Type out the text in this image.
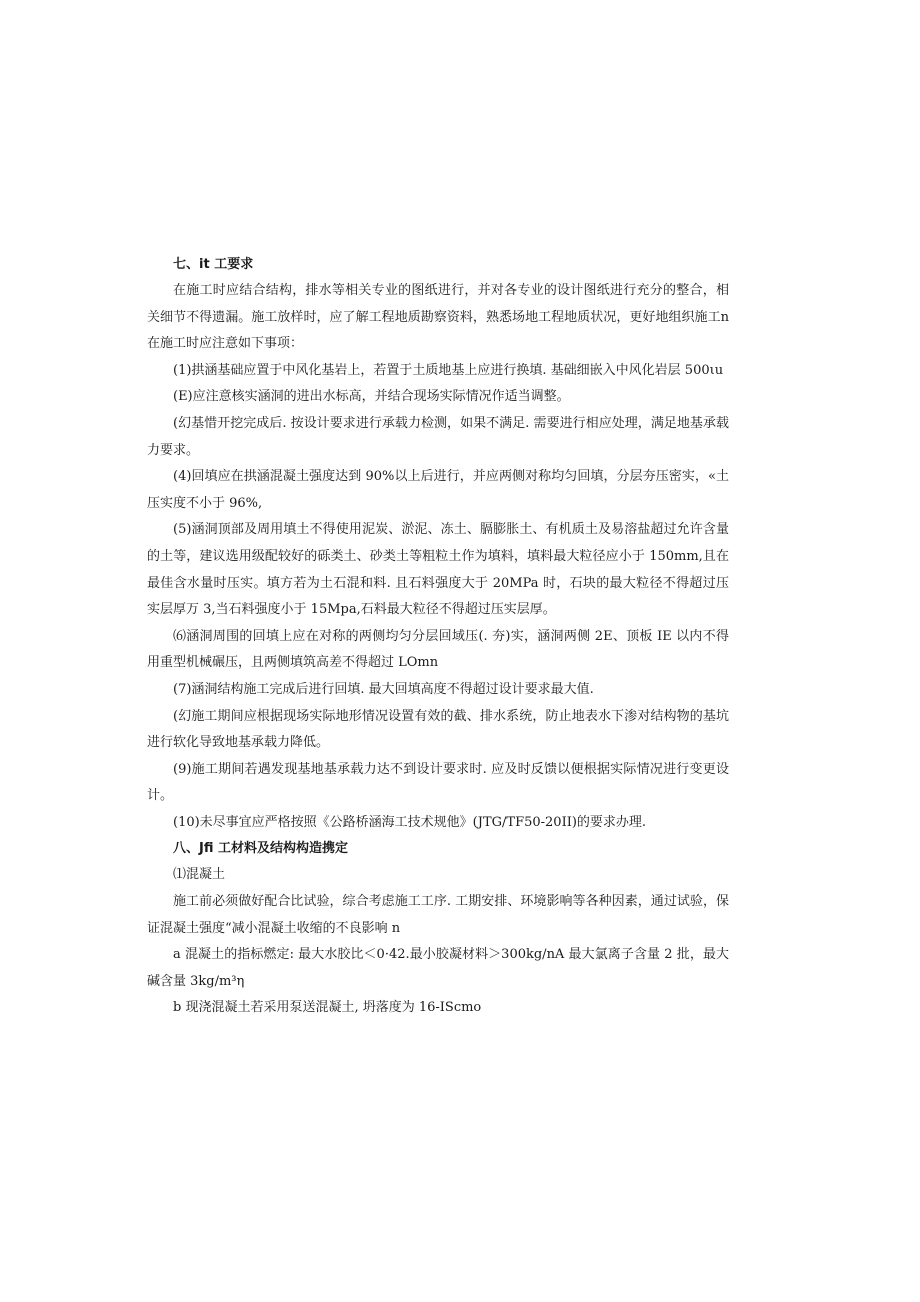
七、it 工要求

在施工时应结合结构，排水等相关专业的图纸进行，并对各专业的设计图纸进行充分的整合，相关细节不得遗漏。施工放样时，应了解工程地质勘察资料，熟悉场地工程地质状况，更好地组织施工n 在施工时应注意如下事项：

(1)拱涵基础应置于中风化基岩上，若置于土质地基上应进行换填. 基础细嵌入中风化岩层 500ιu

(E)应注意核实涵洞的进出水标高，并结合现场实际情况作适当调整。

(幻基惜开挖完成后. 按设计要求进行承载力检测，如果不满足. 需要进行相应处理，满足地基承载力要求。

(4)回填应在拱涵混凝土强度达到 90%以上后进行，并应两侧对称均匀回填，分层夯压密实，«土压实度不小于 96%,

(5)涵洞顶部及周用填土不得使用泥炭、淤泥、冻土、膈膨胀土、有机质土及易溶盐超过允许含量的土等，建议选用级配较好的砾类土、砂类土等粗粒土作为填料，填料最大粒径应小于 150mm,且在最佳含水量时压实。填方若为土石混和料. 且石料强度大于 20MPa 时，石块的最大粒径不得超过压实层厚万 3,当石料强度小于 15Mpa,石料最大粒径不得超过压实层厚。

⑹涵洞周围的回填上应在对称的两侧均匀分层回域压(. 夯)实，涵洞两侧 2E、顶板 IE 以内不得用重型机械碾压，且两侧填筑高差不得超过 LOmn

(7)涵洞结构施工完成后进行回填. 最大回填高度不得超过设计要求最大值.

(幻施工期间应根据现场实际地形情况设置有效的截、排水系统，防止地表水下渗对结构物的基坑进行软化导致地基承载力降低。

(9)施工期间若遇发现基地基承载力达不到设计要求时. 应及时反馈以便根据实际情况进行变更设计。

(10)未尽事宜应严格按照《公路桥涵海工技术规他》(JTG/TF50-20II)的要求办理.

八、Jfi 工材料及结构构造携定

⑴混凝土

施工前必须做好配合比试验，综合考虑施工工序. 工期安排、环境影响等各种因素，通过试验，保证混凝土强度“减小混凝土收缩的不良影响 n

a 混凝土的指标燃定: 最大水胶比＜0·42.最小胶凝材料＞300kg/nA 最大氯离子含量 2 批，最大碱含量 3kg∕m³η

b 现浇混凝土若采用泵送混凝土, 坍落度为 16-IScmo
